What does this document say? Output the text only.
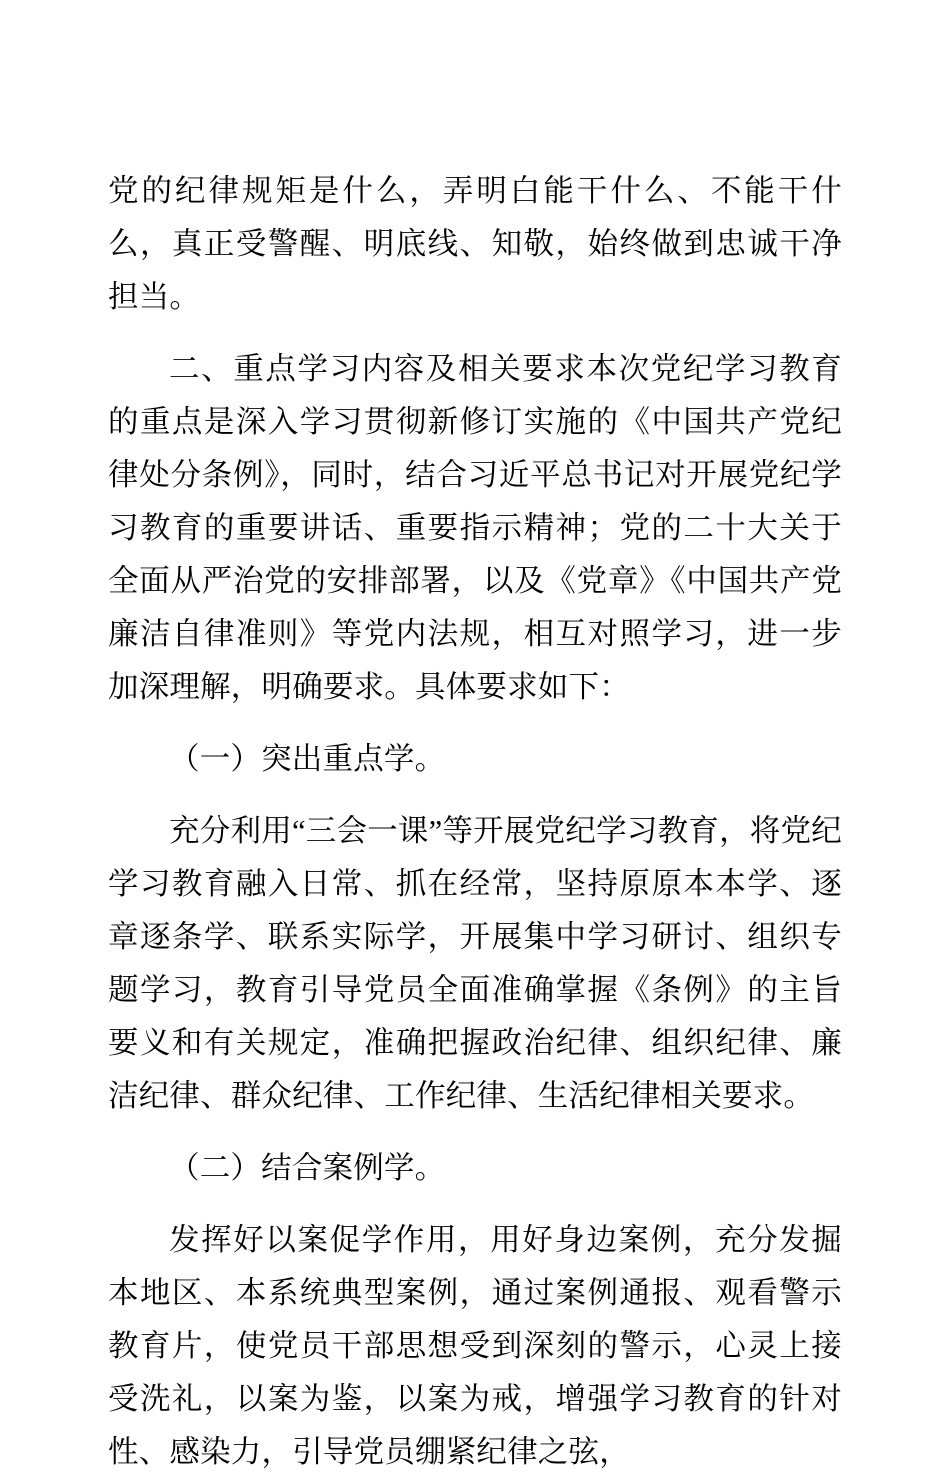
党的纪律规矩是什么，弄明白能干什么、不能干什么，真正受警醒、明底线、知敬，始终做到忠诚干净担当。

二、重点学习内容及相关要求本次党纪学习教育的重点是深入学习贯彻新修订实施的《中国共产党纪律处分条例》，同时，结合习近平总书记对开展党纪学习教育的重要讲话、重要指示精神；党的二十大关于全面从严治党的安排部署，以及《党章》《中国共产党廉洁自律准则》等党内法规，相互对照学习，进一步加深理解，明确要求。具体要求如下：

（一）突出重点学。

充分利用“三会一课”等开展党纪学习教育，将党纪学习教育融入日常、抓在经常，坚持原原本本学、逐章逐条学、联系实际学，开展集中学习研讨、组织专题学习，教育引导党员全面准确掌握《条例》的主旨要义和有关规定，准确把握政治纪律、组织纪律、廉洁纪律、群众纪律、工作纪律、生活纪律相关要求。

（二）结合案例学。

发挥好以案促学作用，用好身边案例，充分发掘本地区、本系统典型案例，通过案例通报、观看警示教育片，使党员干部思想受到深刻的警示，心灵上接受洗礼，以案为鉴，以案为戒，增强学习教育的针对性、感染力，引导党员绷紧纪律之弦，
